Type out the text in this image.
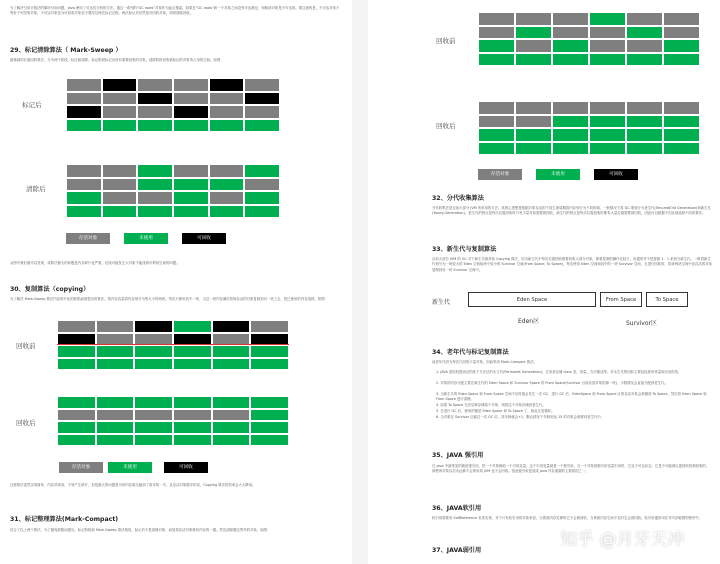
为了解决引用计数法的循环引用问题，Java 使用了可达性分析的方法。通过一系列的“GC roots”对象作为起点搜索。如果在“GC roots”和一个对象之间没有可达路径，则称该对象是不可达的。要注意的是，不可达对象不等价于可回收对象，不可达对象变为可回收对象至少要经过两次标记过程。两次标记后仍然是可回收对象，则将面临回收。
29、标记清除算法（ Mark-Sweep ）
最基础的垃圾回收算法，分为两个阶段，标注和清除。标记阶段标记出所有需要回收的对象，清除阶段回收被标记的对象所占用的空间。如图：
标记后
清除后
存活对象	未使用	可回收
从图中我们就可以发现，该算法最大的问题是内存碎片化严重，后续可能发生大对象不能找到可利用空间的问题。
30、复制算法（copying）
为了解决 Mark-Sweep 算法内存碎片化的缺陷而被提出的算法。按内存容量将内存划分为等大小的两块。每次只使用其中一块，当这一块内存满后将尚存活的对象复制到另一块上去，把已使用的内存清掉，如图：
回收前
回收后
存活对象	未使用	可回收
这种算法虽然实现简单，内存效率高，不易产生碎片，但是最大的问题是可用内存被压缩到了原本的一半。且存活对象增多的话，Copying 算法的效率会大大降低。
31、标记整理算法(Mark-Compact)
结合了以上两个算法，为了避免缺陷而提出。标记阶段和 Mark-Sweep 算法相同，标记后不是清理对象，而是将存活对象移向内存的一端。然后清除端边界外的对象。如图：
回收前
回收后
存活对象	未使用	可回收
32、分代收集算法
分代收集法是目前大部分 JVM 所采用的方法，其核心思想是根据对象存活的不同生命周期将内存划分为不同的域，一般情况下将 GC 堆划分为老生代(Tenured/Old Generation)和新生代(Young Generation)。老生代的特点是每次垃圾回收时只有少量对象需要被回收，新生代的特点是每次垃圾回收时都有大量垃圾需要被回收，因此可以根据不同区域选择不同的算法。
33、新生代与复制算法
目前大部分 JVM 的 GC 对于新生代都采取 Copying 算法，因为新生代中每次垃圾回收都要回收大部分对象，即要复制的操作比较少，但通常并不是按照 1：1 来划分新生代。一般将新生代划分为一块较大的 Eden 空间和两个较小的 Survivor 空间(From Space, To Space)，每次使用 Eden 空间和其中的一块 Survivor 空间，当进行回收时，将该两块空间中还存活的对象复制到另一块 Survivor 空间中。
新生代	Eden Space	From Space	To Space
Eden区	Survivor区
34、老年代与标记复制算法
而老年代因为每次只回收少量对象，因而采用 Mark-Compact 算法。
1. JAVA 虚拟机提到过的处于方法区的永生代(Permanet Generation)，它用来存储 class 类，常量，方法描述等。对永生代的回收主要包括废弃常量和无用的类。
2. 对象的内存分配主要在新生代的 Eden Space 和 Survivor Space 的 From Space(Survivor 目前存放对象的那一块)，少数情况会直接分配到老生代。
3. 当新生代的 Eden Space 和 From Space 空间不足时就会发生一次 GC，进行 GC 后，EdenSpace 和 From Space 区的存活对象会被挪到 To Space，然后将 Eden Space 和 From Space 进行清理。
4. 如果 To Space 无法足够存储某个对象，则将这个对象存储到老生代。
5. 在进行 GC 后，使用的便是 Eden Space 和 To Space 了，如此反复循环。
6. 当对象在 Survivor 区躲过一次 GC 后，其年龄就会+1。默认情况下年龄到达 15 的对象会被移到老生代中。
35、JAVA 强引用
在 Java 中最常见的就是强引用，把一个对象赋给一个引用变量，这个引用变量就是一个强引用。当一个对象被强引用变量引用时，它处于可达状态，它是不可能被垃圾回收机制回收的，即使该对象以后永远都不会被用到 JVM 也不会回收。因此强引用是造成 Java 内存泄漏的主要原因之一。
36、JAVA软引用
软引用需要用 SoftReference 类来实现，对于只有软引用的对象来说，当系统内存足够时它不会被回收，当系统内存空间不足时它会被回收。软引用通常用在对内存敏感的程序中。
37、JAVA弱引用
知乎 @月牙天冲
